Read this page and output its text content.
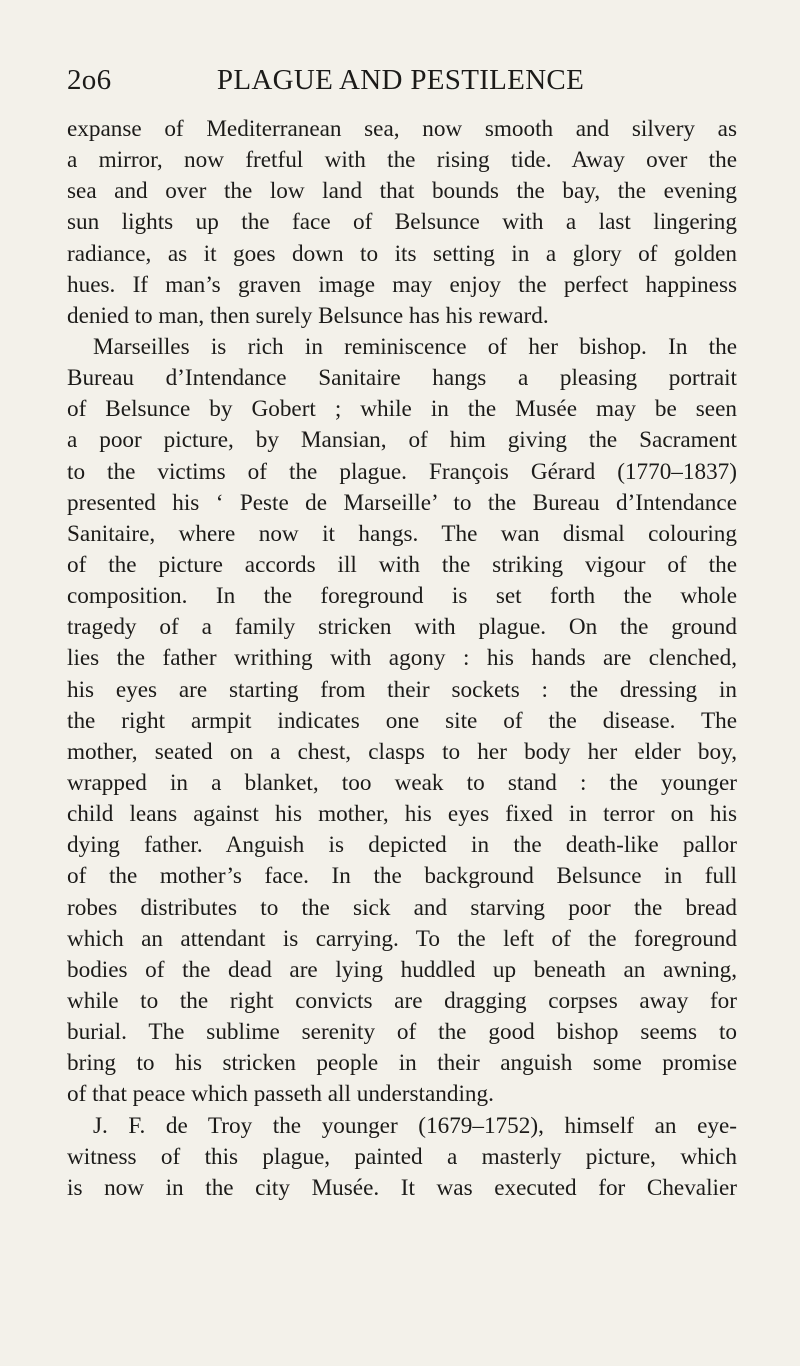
2o6	PLAGUE AND PESTILENCE
expanse of Mediterranean sea, now smooth and silvery as
a mirror, now fretful with the rising tide. Away over the
sea and over the low land that bounds the bay, the evening
sun lights up the face of Belsunce with a last lingering
radiance, as it goes down to its setting in a glory of golden
hues. If man’s graven image may enjoy the perfect happiness
denied to man, then surely Belsunce has his reward.
Marseilles is rich in reminiscence of her bishop. In the
Bureau d’Intendance Sanitaire hangs a pleasing portrait
of Belsunce by Gobert ; while in the Musée may be seen
a poor picture, by Mansian, of him giving the Sacrament
to the victims of the plague. François Gérard (1770–1837)
presented his ‘ Peste de Marseille’ to the Bureau d’Intendance
Sanitaire, where now it hangs. The wan dismal colouring
of the picture accords ill with the striking vigour of the
composition. In the foreground is set forth the whole
tragedy of a family stricken with plague. On the ground
lies the father writhing with agony : his hands are clenched,
his eyes are starting from their sockets : the dressing in
the right armpit indicates one site of the disease. The
mother, seated on a chest, clasps to her body her elder boy,
wrapped in a blanket, too weak to stand : the younger
child leans against his mother, his eyes fixed in terror on his
dying father. Anguish is depicted in the death-like pallor
of the mother’s face. In the background Belsunce in full
robes distributes to the sick and starving poor the bread
which an attendant is carrying. To the left of the foreground
bodies of the dead are lying huddled up beneath an awning,
while to the right convicts are dragging corpses away for
burial. The sublime serenity of the good bishop seems to
bring to his stricken people in their anguish some promise
of that peace which passeth all understanding.
J. F. de Troy the younger (1679–1752), himself an eye-
witness of this plague, painted a masterly picture, which
is now in the city Musée. It was executed for Chevalier
